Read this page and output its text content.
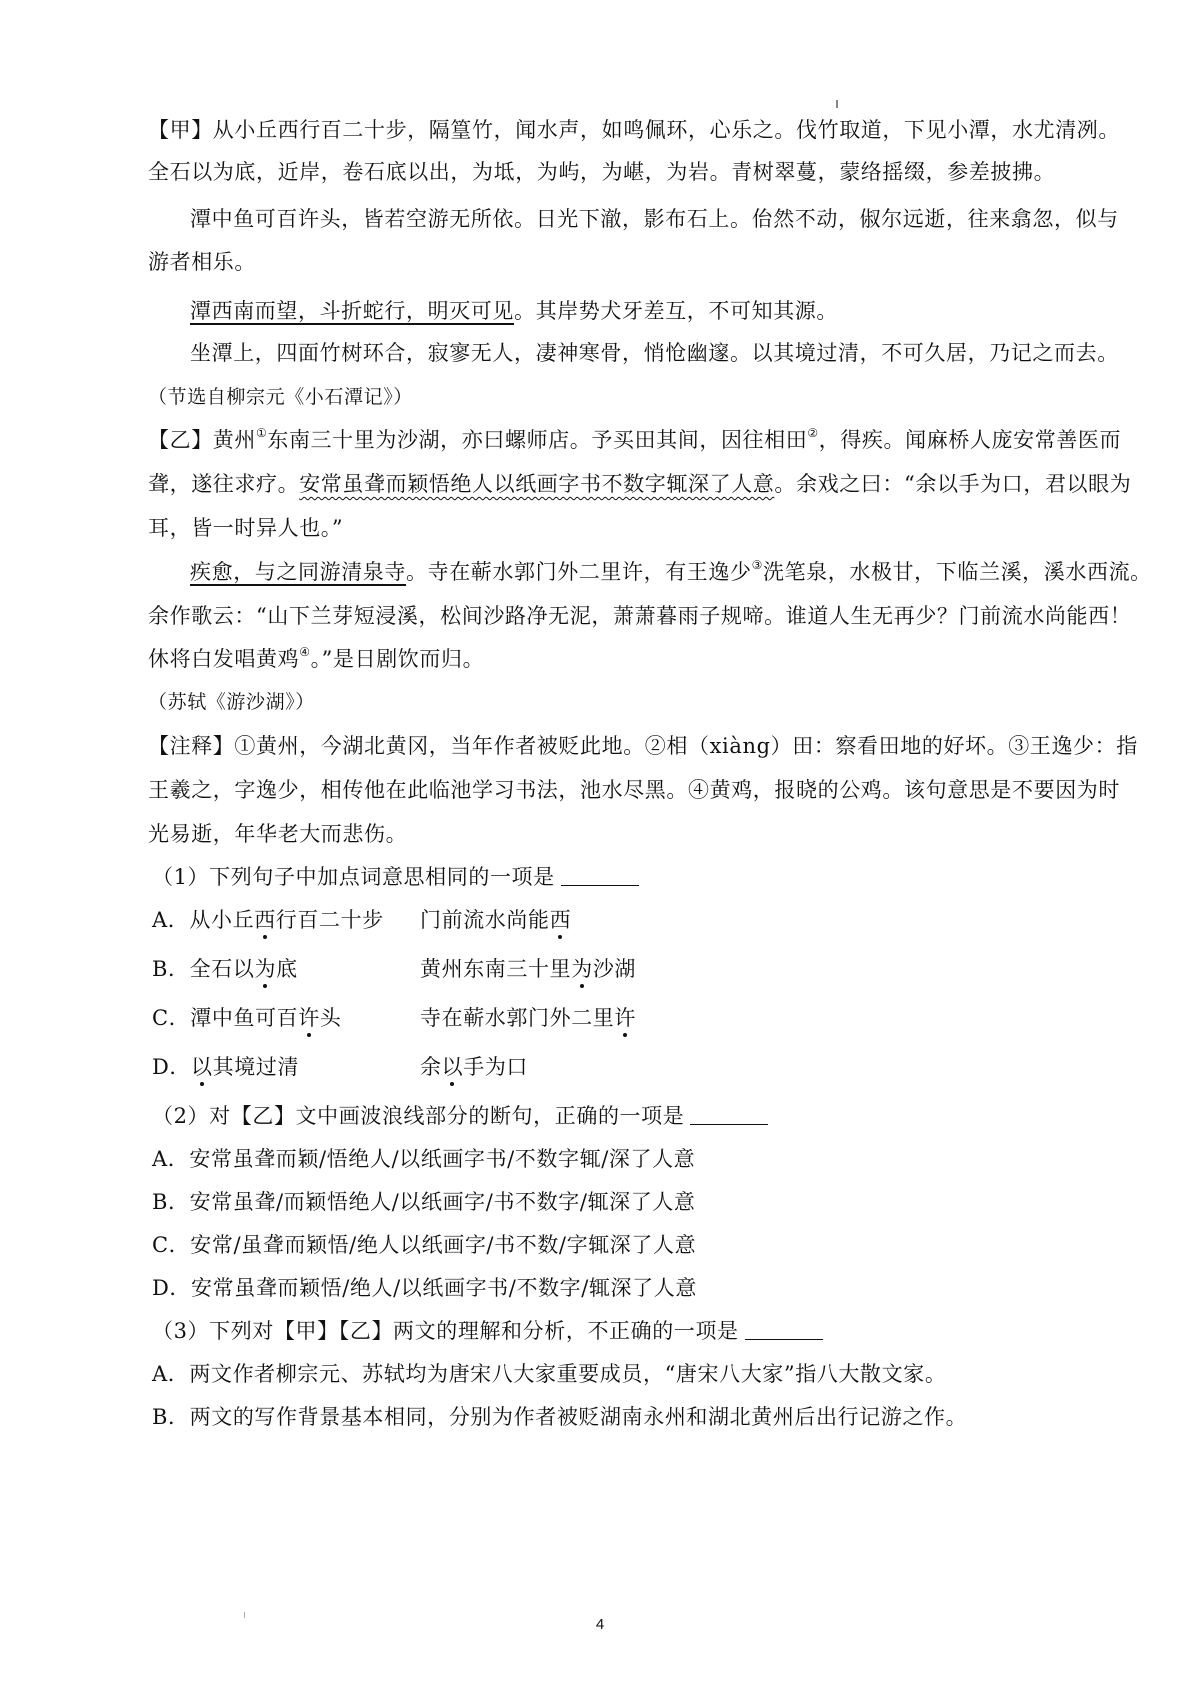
【甲】从小丘西行百二十步，隔篁竹，闻水声，如鸣佩环，心乐之。伐竹取道，下见小潭，水尤清冽。
全石以为底，近岸，卷石底以出，为坻，为屿，为嵁，为岩。青树翠蔓，蒙络摇缀，参差披拂。
潭中鱼可百许头，皆若空游无所依。日光下澈，影布石上。佁然不动，俶尔远逝，往来翕忽，似与
游者相乐。
潭西南而望，斗折蛇行，明灭可见。其岸势犬牙差互，不可知其源。
坐潭上，四面竹树环合，寂寥无人，凄神寒骨，悄怆幽邃。以其境过清，不可久居，乃记之而去。
（节选自柳宗元《小石潭记》）
【乙】黄州①东南三十里为沙湖，亦曰螺师店。予买田其间，因往相田②，得疾。闻麻桥人庞安常善医而
聋，遂往求疗。安常虽聋而颖悟绝人以纸画字书不数字辄深了人意。余戏之曰：“余以手为口，君以眼为
耳，皆一时异人也。”
疾愈，与之同游清泉寺。寺在蕲水郭门外二里许，有王逸少③洗笔泉，水极甘，下临兰溪，溪水西流。
余作歌云：“山下兰芽短浸溪，松间沙路净无泥，萧萧暮雨子规啼。谁道人生无再少？门前流水尚能西！
休将白发唱黄鸡④。”是日剧饮而归。
（苏轼《游沙湖》）
【注释】①黄州，今湖北黄冈，当年作者被贬此地。②相（xiàng）田：察看田地的好坏。③王逸少：指
王羲之，字逸少，相传他在此临池学习书法，池水尽黑。④黄鸡，报晓的公鸡。该句意思是不要因为时
光易逝，年华老大而悲伤。
（1）下列句子中加点词意思相同的一项是
A．从小丘西行百二十步 门前流水尚能西
B．全石以为底	黄州东南三十里为沙湖
C．潭中鱼可百许头	寺在蕲水郭门外二里许
D．以其境过清	余以手为口
（2）对【乙】文中画波浪线部分的断句，正确的一项是
A．安常虽聋而颖/悟绝人/以纸画字书/不数字辄/深了人意
B．安常虽聋/而颖悟绝人/以纸画字/书不数字/辄深了人意
C．安常/虽聋而颖悟/绝人以纸画字/书不数/字辄深了人意
D．安常虽聋而颖悟/绝人/以纸画字书/不数字/辄深了人意
（3）下列对【甲】【乙】两文的理解和分析，不正确的一项是
A．两文作者柳宗元、苏轼均为唐宋八大家重要成员，“唐宋八大家”指八大散文家。
B．两文的写作背景基本相同，分别为作者被贬湖南永州和湖北黄州后出行记游之作。
4
